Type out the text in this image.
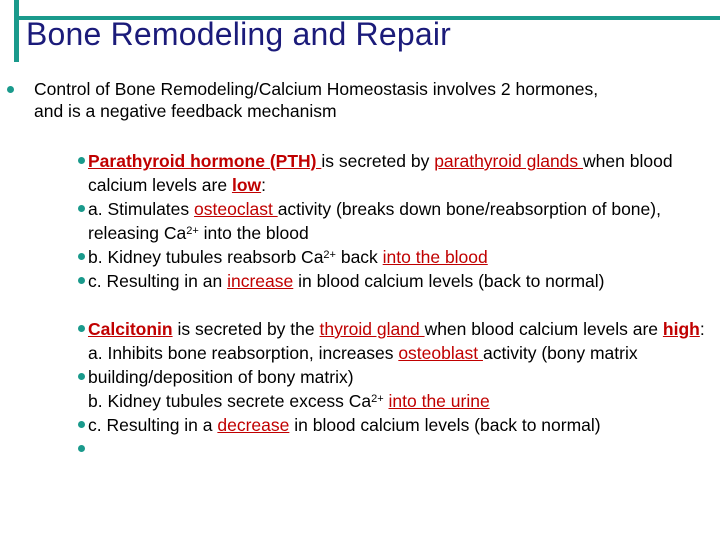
Bone Remodeling and Repair
Control of Bone Remodeling/Calcium Homeostasis involves 2 hormones,
and is a negative feedback mechanism

Parathyroid hormone (PTH) is secreted by parathyroid glands when blood calcium levels are low:

a. Stimulates osteoclast activity (breaks down bone/reabsorption of bone), releasing $Ca^{2+}$ into the blood

b. Kidney tubules reabsorb $Ca^{2+}$ back into the blood

c. Resulting in an increase in blood calcium levels (back to normal)

Calcitonin is secreted by the thyroid gland when blood calcium levels are high:

a. Inhibits bone reabsorption, increases osteoblast activity (bony matrix building/deposition of bony matrix)

b. Kidney tubules secrete excess $Ca^{2+}$ into the urine

c. Resulting in a decrease in blood calcium levels (back to normal)
